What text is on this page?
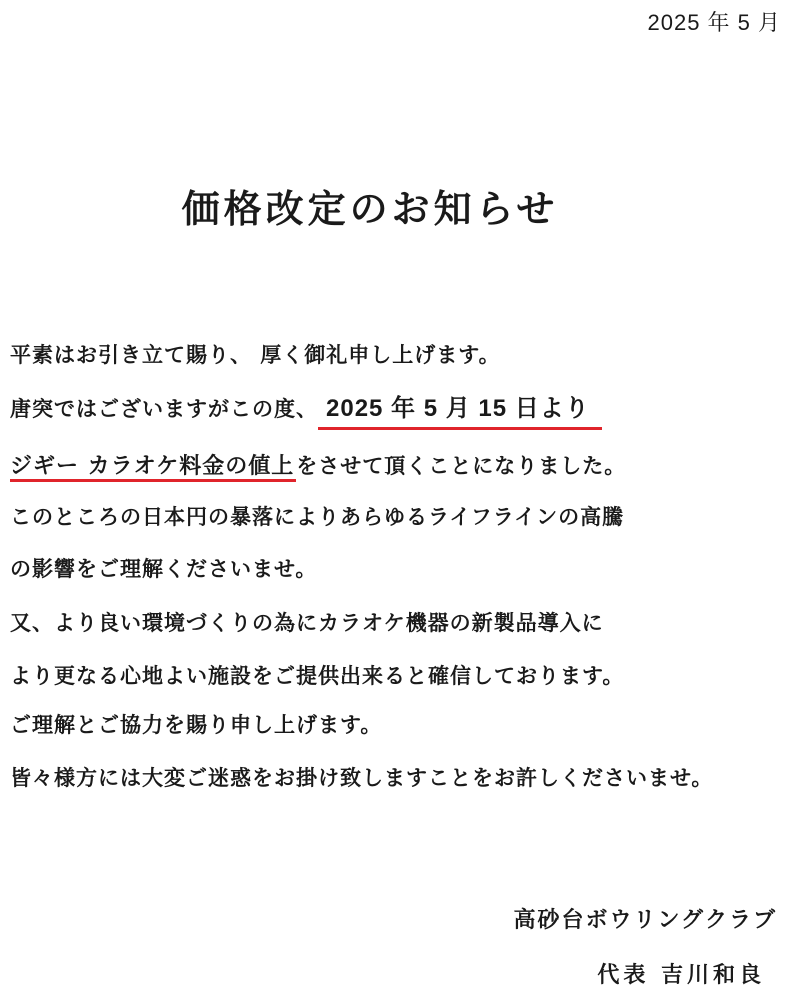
2025 年 5 月
価格改定のお知らせ
平素はお引き立て賜り、 厚く御礼申し上げます。
唐突ではございますがこの度、 2025 年 5 月 15 日より
ジギー カラオケ料金の値上をさせて頂くことになりました。
このところの日本円の暴落によりあらゆるライフラインの高騰
の影響をご理解くださいませ。
又、より良い環境づくりの為にカラオケ機器の新製品導入に
より更なる心地よい施設をご提供出来ると確信しております。
ご理解とご協力を賜り申し上げます。
皆々様方には大変ご迷惑をお掛け致しますことをお許しくださいませ。
高砂台ボウリングクラブ
代表 吉川和良
